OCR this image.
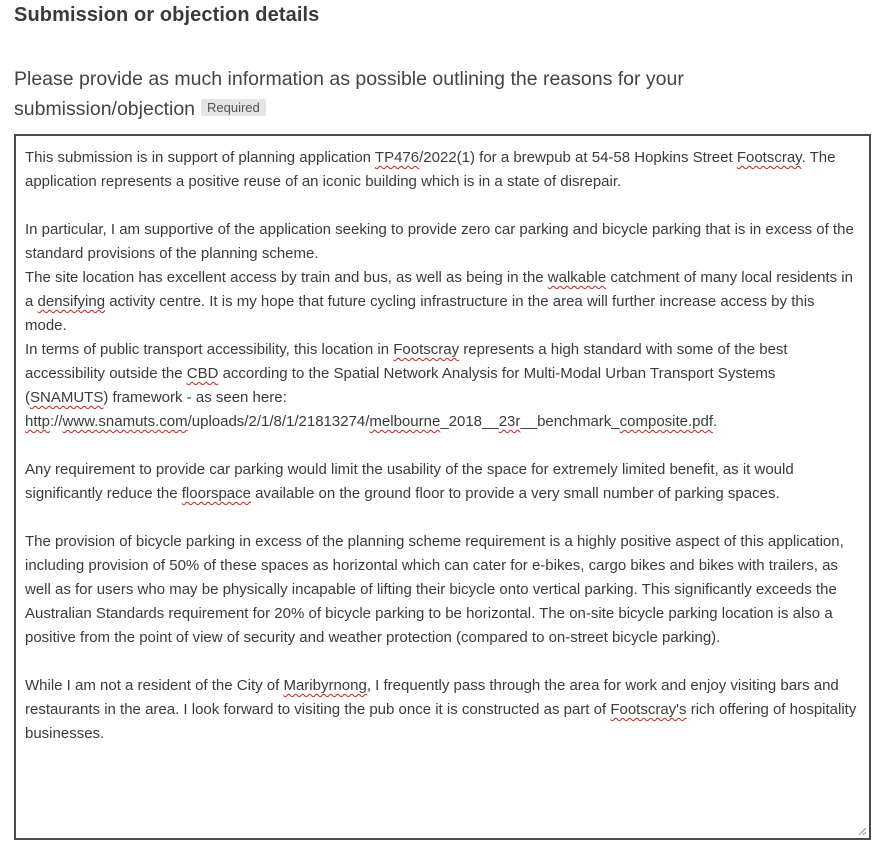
Submission or objection details
Please provide as much information as possible outlining the reasons for your submission/objection Required

This submission is in support of planning application TP476/2022(1) for a brewpub at 54-58 Hopkins Street Footscray. The application represents a positive reuse of an iconic building which is in a state of disrepair.

In particular, I am supportive of the application seeking to provide zero car parking and bicycle parking that is in excess of the standard provisions of the planning scheme.

The site location has excellent access by train and bus, as well as being in the walkable catchment of many local residents in a densifying activity centre. It is my hope that future cycling infrastructure in the area will further increase access by this mode.

In terms of public transport accessibility, this location in Footscray represents a high standard with some of the best accessibility outside the CBD according to the Spatial Network Analysis for Multi-Modal Urban Transport Systems (SNAMUTS) framework - as seen here:

http://www.snamuts.com/uploads/2/1/8/1/21813274/melbourne_2018__23r__benchmark_composite.pdf.

Any requirement to provide car parking would limit the usability of the space for extremely limited benefit, as it would significantly reduce the floorspace available on the ground floor to provide a very small number of parking spaces.

The provision of bicycle parking in excess of the planning scheme requirement is a highly positive aspect of this application, including provision of 50% of these spaces as horizontal which can cater for e-bikes, cargo bikes and bikes with trailers, as well as for users who may be physically incapable of lifting their bicycle onto vertical parking. This significantly exceeds the Australian Standards requirement for 20% of bicycle parking to be horizontal. The on-site bicycle parking location is also a positive from the point of view of security and weather protection (compared to on-street bicycle parking).

While I am not a resident of the City of Maribyrnong, I frequently pass through the area for work and enjoy visiting bars and restaurants in the area. I look forward to visiting the pub once it is constructed as part of Footscray's rich offering of hospitality businesses.
